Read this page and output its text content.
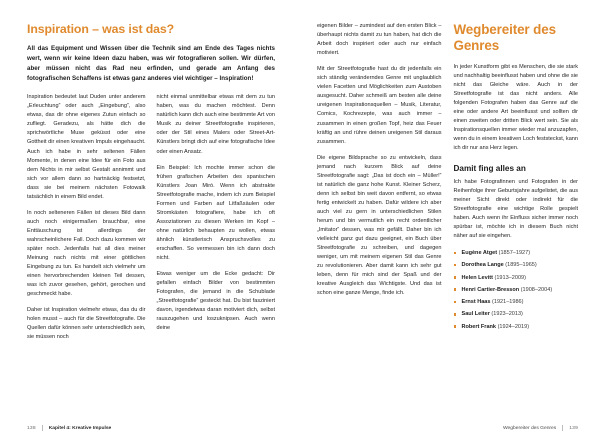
Inspiration – was ist das?

All das Equipment und Wissen über die Technik sind am Ende des Tages nichts wert, wenn wir keine Ideen dazu haben, was wir fotografieren sollen. Wir dürfen, aber müssen nicht das Rad neu erfinden, und gerade am Anfang des fotografischen Schaffens ist etwas ganz anderes viel wichtiger – Inspiration!

Inspiration bedeutet laut Duden unter anderem „Erleuchtung“ oder auch „Eingebung“, also etwas, das dir ohne eigenes Zutun einfach so zufliegt. Geradezu, als hätte dich die sprichwörtliche Muse geküsst oder eine Gottheit dir einen kreativen Impuls eingehaucht. Auch ich habe in sehr seltenen Fällen Momente, in denen eine Idee für ein Foto aus dem Nichts in mir selbst Gestalt annimmt und sich vor allem dann so hartnäckig festsetzt, dass sie bei meinem nächsten Fotowalk tatsächlich in einem Bild endet.

In noch selteneren Fällen ist dieses Bild dann auch noch einigermaßen brauchbar, eine Enttäuschung ist allerdings der wahrscheinlichere Fall. Doch dazu kommen wir später noch. Jedenfalls hat all dies meiner Meinung nach nichts mit einer göttlichen Eingebung zu tun. Es handelt sich vielmehr um einen hervorbrechenden kleinen Teil dessen, was ich zuvor gesehen, gehört, gerochen und geschmeckt habe.

Daher ist Inspiration vielmehr etwas, das du dir holen musst – auch für die Streetfotografie. Die Quellen dafür können sehr unterschiedlich sein, sie müssen noch

nicht einmal unmittelbar etwas mit dem zu tun haben, was du machen möchtest. Denn natürlich kann dich auch eine bestimmte Art von Musik zu deiner Streetfotografie inspirieren, oder der Stil eines Malers oder Street-Art-Künstlers bringt dich auf eine fotografische Idee oder einen Ansatz.

Ein Beispiel: Ich mochte immer schon die frühen grafischen Arbeiten des spanischen Künstlers Joan Miró. Wenn ich abstrakte Streetfotografie mache, indem ich zum Beispiel Formen und Farben auf Litfaßsäulen oder Stromkästen fotografiere, habe ich oft Assoziationen zu diesen Werken im Kopf – ohne natürlich behaupten zu wollen, etwas ähnlich künstlerisch Anspruchsvolles zu erschaffen. So vermessen bin ich dann doch nicht.

Etwas weniger um die Ecke gedacht: Dir gefallen einfach Bilder von bestimmten Fotografen, die jemand in die Schublade „Streetfotografie“ gesteckt hat. Du bist fasziniert davon, irgendetwas daran motiviert dich, selbst rauszugehen und loszuknipsen. Auch wenn deine

138	Kapitel 4: Kreative Impulse

eigenen Bilder – zumindest auf den ersten Blick – überhaupt nichts damit zu tun haben, hat dich die Arbeit doch inspiriert oder auch nur einfach motiviert.

Mit der Streetfotografie hast du dir jedenfalls ein sich ständig veränderndes Genre mit unglaublich vielen Facetten und Möglichkeiten zum Austoben ausgesucht. Daher schmeiß am besten alle deine ureigenen Inspirationsquellen – Musik, Literatur, Comics, Kochrezepte, was auch immer – zusammen in einen großen Topf, heiz das Feuer kräftig an und rühre deinen ureigenen Stil daraus zusammen.

Die eigene Bildsprache so zu entwickeln, dass jemand nach kurzem Blick auf deine Streetfotografie sagt: „Das ist doch ein – Müller!“ ist natürlich die ganz hohe Kunst. Kleiner Scherz, denn ich selbst bin weit davon entfernt, so etwas fertig entwickelt zu haben. Dafür wildere ich aber auch viel zu gern in unterschiedlichen Stilen herum und bin vermutlich ein recht ordentlicher „Imitator“ dessen, was mir gefällt. Daher bin ich vielleicht ganz gut dazu geeignet, ein Buch über Streetfotografie zu schreiben, und dagegen weniger, um mit meinem eigenen Stil das Genre zu revolutionieren. Aber damit kann ich sehr gut leben, denn für mich sind der Spaß und der kreative Ausgleich das Wichtigste. Und das ist schon eine ganze Menge, finde ich.

Wegbereiter des Genres

In jeder Kunstform gibt es Menschen, die sie stark und nachhaltig beeinflusst haben und ohne die sie nicht das Gleiche wäre. Auch in der Streetfotografie ist das nicht anders. Alle folgenden Fotografen haben das Genre auf die eine oder andere Art beeinflusst und sollten dir einen zweiten oder dritten Blick wert sein. Sie als Inspirationsquellen immer wieder mal anzuzapfen, wenn du in einem kreativen Loch feststeckst, kann ich dir nur ans Herz legen.

Damit fing alles an

Ich habe Fotografinnen und Fotografen in der Reihenfolge ihrer Geburtsjahre aufgelistet, die aus meiner Sicht direkt oder indirekt für die Streetfotografie eine wichtige Rolle gespielt haben. Auch wenn ihr Einfluss sicher immer noch spürbar ist, möchte ich in diesem Buch nicht näher auf sie eingehen.

Eugène Atget (1857–1927)
Dorothea Lange (1895–1965)
Helen Levitt (1913–2009)
Henri Cartier-Bresson (1908–2004)
Ernst Haas (1921–1986)
Saul Leiter (1923–2013)
Robert Frank (1924–2019)
Wegbereiter des Genres	139
